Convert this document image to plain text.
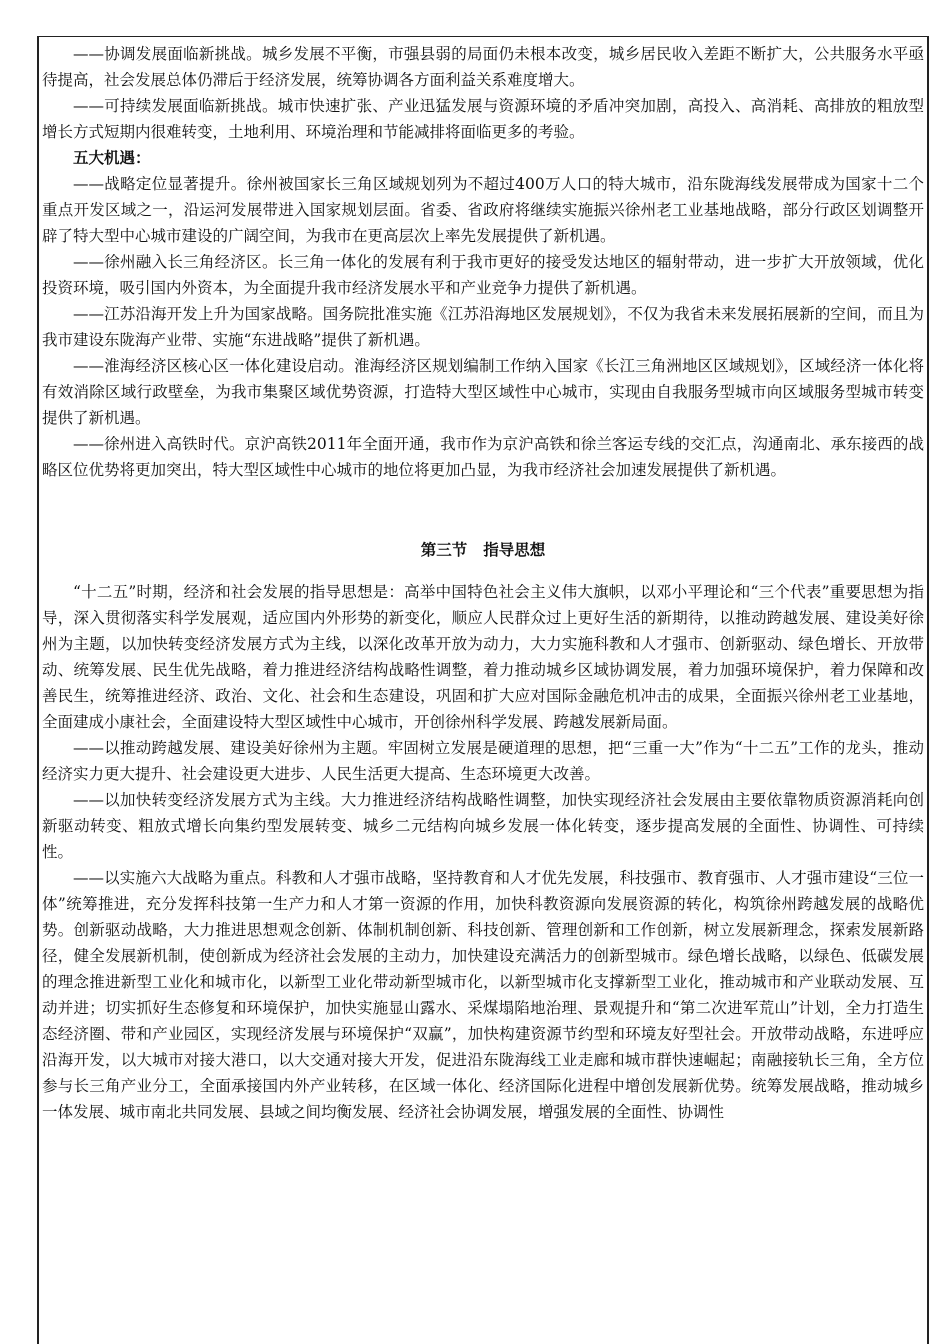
——协调发展面临新挑战。城乡发展不平衡，市强县弱的局面仍未根本改变，城乡居民收入差距不断扩大，公共服务水平亟待提高，社会发展总体仍滞后于经济发展，统筹协调各方面利益关系难度增大。

——可持续发展面临新挑战。城市快速扩张、产业迅猛发展与资源环境的矛盾冲突加剧，高投入、高消耗、高排放的粗放型增长方式短期内很难转变，土地利用、环境治理和节能减排将面临更多的考验。

五大机遇：

——战略定位显著提升。徐州被国家长三角区域规划列为不超过400万人口的特大城市，沿东陇海线发展带成为国家十二个重点开发区域之一，沿运河发展带进入国家规划层面。省委、省政府将继续实施振兴徐州老工业基地战略，部分行政区划调整开辟了特大型中心城市建设的广阔空间，为我市在更高层次上率先发展提供了新机遇。

——徐州融入长三角经济区。长三角一体化的发展有利于我市更好的接受发达地区的辐射带动，进一步扩大开放领域，优化投资环境，吸引国内外资本，为全面提升我市经济发展水平和产业竞争力提供了新机遇。

——江苏沿海开发上升为国家战略。国务院批准实施《江苏沿海地区发展规划》，不仅为我省未来发展拓展新的空间，而且为我市建设东陇海产业带、实施“东进战略”提供了新机遇。

——淮海经济区核心区一体化建设启动。淮海经济区规划编制工作纳入国家《长江三角洲地区区域规划》，区域经济一体化将有效消除区域行政壁垒，为我市集聚区域优势资源，打造特大型区域性中心城市，实现由自我服务型城市向区域服务型城市转变提供了新机遇。

——徐州进入高铁时代。京沪高铁2011年全面开通，我市作为京沪高铁和徐兰客运专线的交汇点，沟通南北、承东接西的战略区位优势将更加突出，特大型区域性中心城市的地位将更加凸显，为我市经济社会加速发展提供了新机遇。

第三节 指导思想

“十二五”时期，经济和社会发展的指导思想是：高举中国特色社会主义伟大旗帜，以邓小平理论和“三个代表”重要思想为指导，深入贯彻落实科学发展观，适应国内外形势的新变化，顺应人民群众过上更好生活的新期待，以推动跨越发展、建设美好徐州为主题，以加快转变经济发展方式为主线，以深化改革开放为动力，大力实施科教和人才强市、创新驱动、绿色增长、开放带动、统筹发展、民生优先战略，着力推进经济结构战略性调整，着力推动城乡区域协调发展，着力加强环境保护，着力保障和改善民生，统筹推进经济、政治、文化、社会和生态建设，巩固和扩大应对国际金融危机冲击的成果，全面振兴徐州老工业基地，全面建成小康社会，全面建设特大型区域性中心城市，开创徐州科学发展、跨越发展新局面。

——以推动跨越发展、建设美好徐州为主题。牢固树立发展是硬道理的思想，把“三重一大”作为“十二五”工作的龙头，推动经济实力更大提升、社会建设更大进步、人民生活更大提高、生态环境更大改善。

——以加快转变经济发展方式为主线。大力推进经济结构战略性调整，加快实现经济社会发展由主要依靠物质资源消耗向创新驱动转变、粗放式增长向集约型发展转变、城乡二元结构向城乡发展一体化转变，逐步提高发展的全面性、协调性、可持续性。

——以实施六大战略为重点。科教和人才强市战略，坚持教育和人才优先发展，科技强市、教育强市、人才强市建设“三位一体”统筹推进，充分发挥科技第一生产力和人才第一资源的作用，加快科教资源向发展资源的转化，构筑徐州跨越发展的战略优势。创新驱动战略，大力推进思想观念创新、体制机制创新、科技创新、管理创新和工作创新，树立发展新理念，探索发展新路径，健全发展新机制，使创新成为经济社会发展的主动力，加快建设充满活力的创新型城市。绿色增长战略，以绿色、低碳发展的理念推进新型工业化和城市化，以新型工业化带动新型城市化，以新型城市化支撑新型工业化，推动城市和产业联动发展、互动并进；切实抓好生态修复和环境保护，加快实施显山露水、采煤塌陷地治理、景观提升和“第二次进军荒山”计划，全力打造生态经济圈、带和产业园区，实现经济发展与环境保护“双赢”，加快构建资源节约型和环境友好型社会。开放带动战略，东进呼应沿海开发，以大城市对接大港口，以大交通对接大开发，促进沿东陇海线工业走廊和城市群快速崛起；南融接轨长三角，全方位参与长三角产业分工，全面承接国内外产业转移，在区域一体化、经济国际化进程中增创发展新优势。统筹发展战略，推动城乡一体发展、城市南北共同发展、县域之间均衡发展、经济社会协调发展，增强发展的全面性、协调性
